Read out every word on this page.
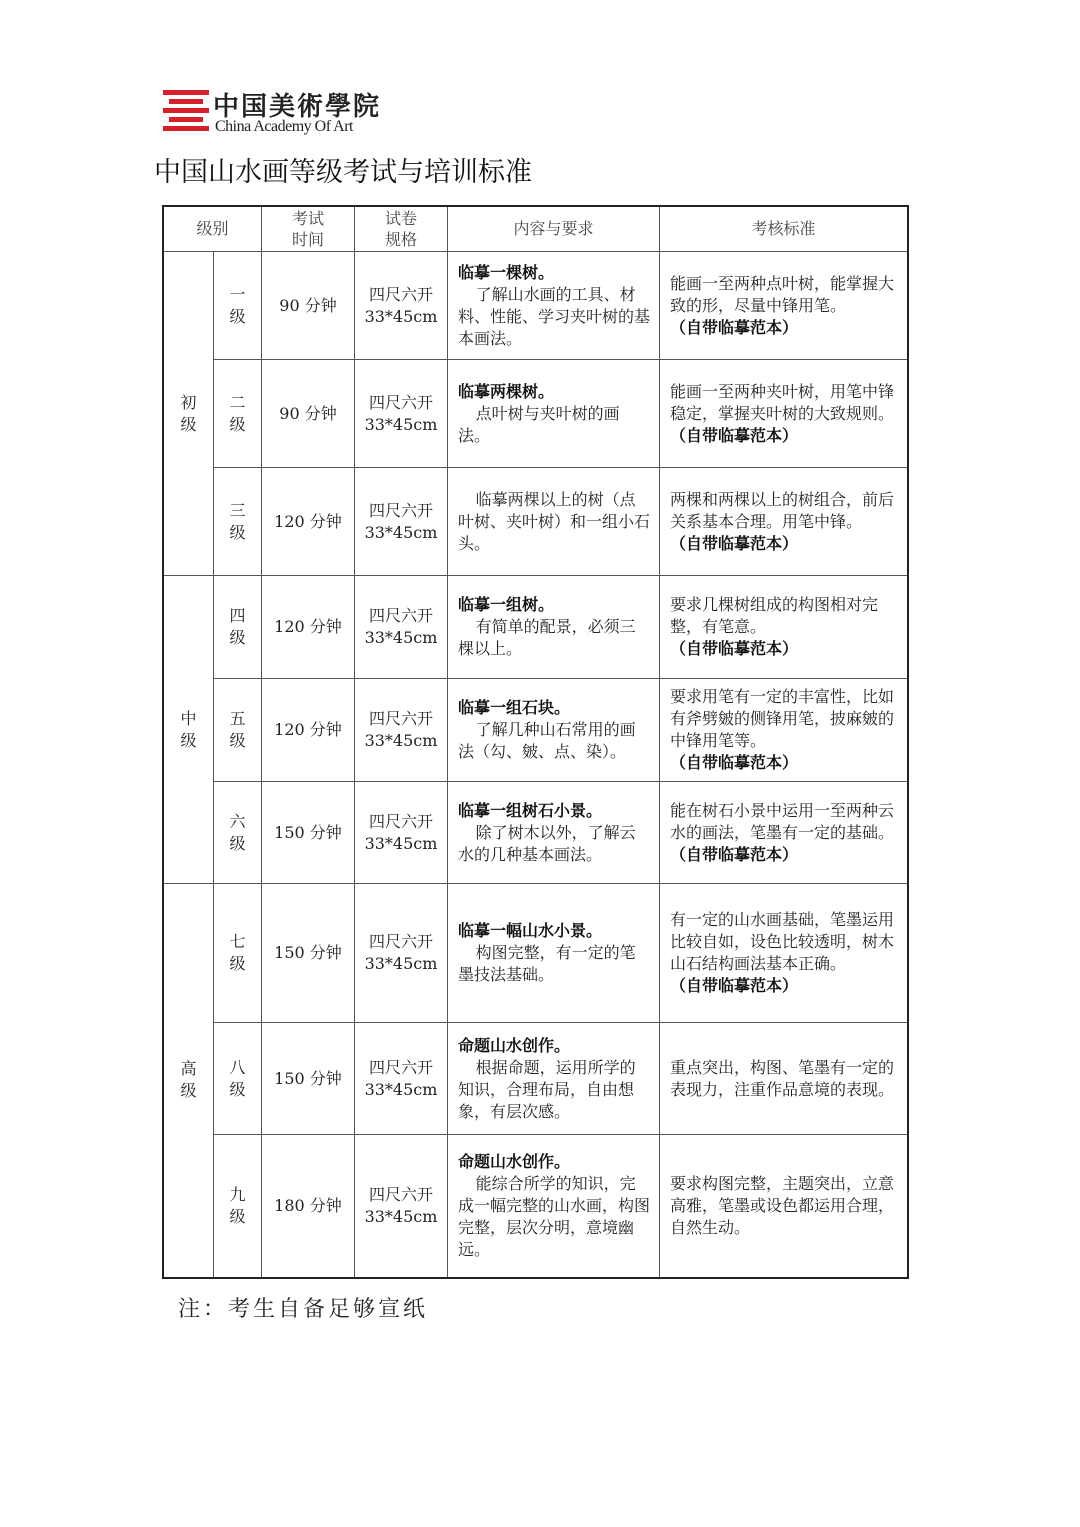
中国美術學院
China Academy Of Art
中国山水画等级考试与培训标准
级别		考试时间	试卷规格	内容与要求	考核标准
初级	一级	90 分钟	四尺六开 33*45cm	临摹一棵树。
了解山水画的工具、材料、性能、学习夹叶树的基本画法。	能画一至两种点叶树，能掌握大致的形，尽量中锋用笔。
（自带临摹范本）

	二级	90 分钟	四尺六开 33*45cm	临摹两棵树。
点叶树与夹叶树的画法。	能画一至两种夹叶树，用笔中锋稳定，掌握夹叶树的大致规则。
（自带临摹范本）

	三级	120 分钟	四尺六开 33*45cm	临摹两棵以上的树（点叶树、夹叶树）和一组小石头。	两棵和两棵以上的树组合，前后关系基本合理。用笔中锋。
（自带临摹范本）

中级	四级	120 分钟	四尺六开 33*45cm	临摹一组树。
有简单的配景，必须三棵以上。	要求几棵树组成的构图相对完整，有笔意。
（自带临摹范本）

	五级	120 分钟	四尺六开 33*45cm	临摹一组石块。
了解几种山石常用的画法（勾、皴、点、染）。	要求用笔有一定的丰富性，比如有斧劈皴的侧锋用笔，披麻皴的中锋用笔等。
（自带临摹范本）

	六级	150 分钟	四尺六开 33*45cm	临摹一组树石小景。
除了树木以外，了解云水的几种基本画法。	能在树石小景中运用一至两种云水的画法，笔墨有一定的基础。
（自带临摹范本）

高级	七级	150 分钟	四尺六开 33*45cm	临摹一幅山水小景。
构图完整，有一定的笔墨技法基础。	有一定的山水画基础，笔墨运用比较自如，设色比较透明，树木山石结构画法基本正确。
（自带临摹范本）

	八级	150 分钟	四尺六开 33*45cm	命题山水创作。
根据命题，运用所学的知识，合理布局，自由想象，有层次感。	重点突出，构图、笔墨有一定的表现力，注重作品意境的表现。

	九级	180 分钟	四尺六开 33*45cm	命题山水创作。
能综合所学的知识，完成一幅完整的山水画，构图完整，层次分明，意境幽远。	要求构图完整，主题突出，立意高雅，笔墨或设色都运用合理，自然生动。
注：考生自备足够宣纸
